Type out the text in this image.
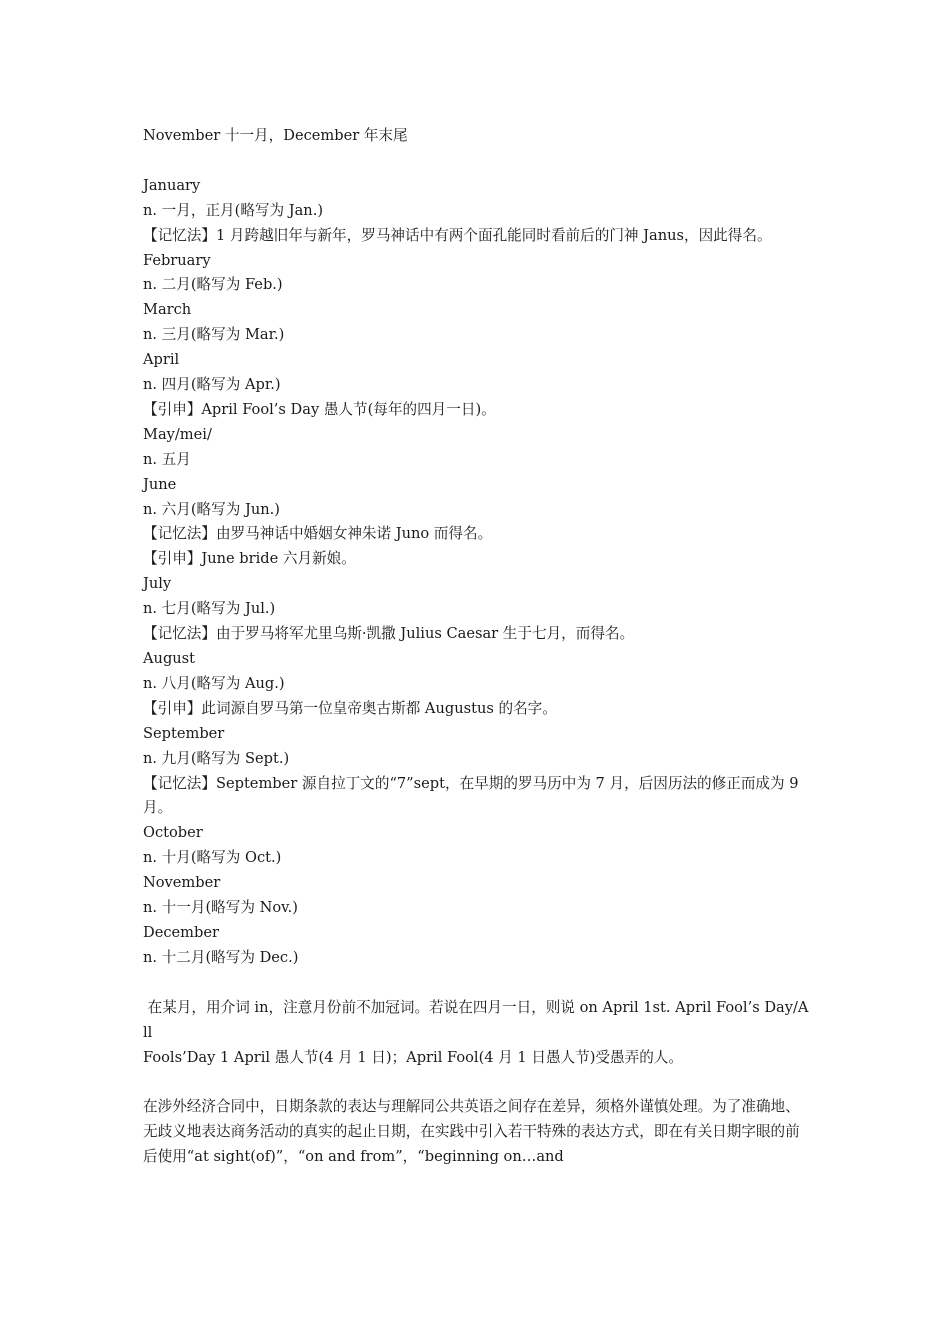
November 十一月，December 年末尾
January
n. 一月，正月(略写为 Jan.)
【记忆法】1 月跨越旧年与新年，罗马神话中有两个面孔能同时看前后的门神 Janus，因此得名。
February
n. 二月(略写为 Feb.)
March
n. 三月(略写为 Mar.)
April
n. 四月(略写为 Apr.)
【引申】April Fool’s Day 愚人节(每年的四月一日)。
May/mei/
n. 五月
June
n. 六月(略写为 Jun.)
【记忆法】由罗马神话中婚姻女神朱诺 Juno 而得名。
【引申】June bride 六月新娘。
July
n. 七月(略写为 Jul.)
【记忆法】由于罗马将军尤里乌斯·凯撒 Julius Caesar 生于七月，而得名。
August
n. 八月(略写为 Aug.)
【引申】此词源自罗马第一位皇帝奥古斯都 Augustus 的名字。
September
n. 九月(略写为 Sept.)
【记忆法】September 源自拉丁文的“7”sept，在早期的罗马历中为 7 月，后因历法的修正而成为 9 月。
October
n. 十月(略写为 Oct.)
November
n. 十一月(略写为 Nov.)
December
n. 十二月(略写为 Dec.)
在某月，用介词 in，注意月份前不加冠词。若说在四月一日，则说 on April 1st. April Fool’s Day/All
Fools’Day 1 April 愚人节(4 月 1 日)；April Fool(4 月 1 日愚人节)受愚弄的人。
在涉外经济合同中，日期条款的表达与理解同公共英语之间存在差异，须格外谨慎处理。为了准确地、无歧义地表达商务活动的真实的起止日期，在实践中引入若干特殊的表达方式，即在有关日期字眼的前后使用“at sight(of)”，“on and from”，“beginning on…and
